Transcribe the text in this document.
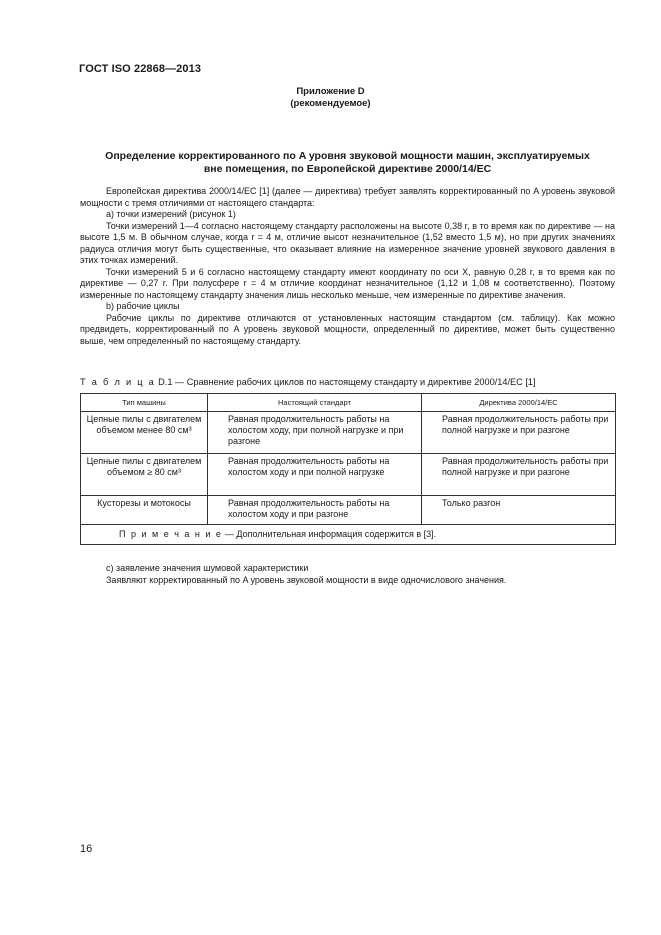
ГОСТ ISO 22868—2013
Приложение D
(рекомендуемое)
Определение корректированного по A уровня звуковой мощности машин, эксплуатируемых
вне помещения, по Европейской директиве 2000/14/EC

Европейская директива 2000/14/EC [1] (далее — директива) требует заявлять корректированный по A уровень звуковой мощности с тремя отличиями от настоящего стандарта:

а) точки измерений (рисунок 1)

Точки измерений 1—4 согласно настоящему стандарту расположены на высоте 0,38 r, в то время как по директиве — на высоте 1,5 м. В обычном случае, когда r = 4 м, отличие высот незначительное (1,52 вместо 1,5 м), но при других значениях радиуса отличия могут быть существенные, что оказывает влияние на измеренное значение уровней звукового давления в этих точках измерений.

Точки измерений 5 и 6 согласно настоящему стандарту имеют координату по оси X, равную 0,28 r, в то время как по директиве — 0,27 r. При полусфере r = 4 м отличие координат незначительное (1,12 и 1,08 м соответственно). Поэтому измеренные по настоящему стандарту значения лишь несколько меньше, чем измеренные по директиве значения.

b) рабочие циклы

Рабочие циклы по директиве отличаются от установленных настоящим стандартом (см. таблицу). Как можно предвидеть, корректированный по A уровень звуковой мощности, определенный по директиве, может быть существенно выше, чем определенный по настоящему стандарту.

Т а б л и ц а D.1 — Сравнение рабочих циклов по настоящему стандарту и директиве 2000/14/EC [1]
Тип машины	Настоящий стандарт	Директива 2000/14/EC
Цепные пилы с двигателем объемом менее 80 см³	Равная продолжительность работы на холостом ходу, при полной нагрузке и при разгоне	Равная продолжительность работы при полной нагрузке и при разгоне
Цепные пилы с двигателем объемом ≥ 80 см³	Равная продолжительность работы на холостом ходу и при полной нагрузке	Равная продолжительность работы при полной нагрузке и при разгоне
Кусторезы и мотокосы	Равная продолжительность работы на холостом ходу и при разгоне	Только разгон
П р и м е ч а н и е — Дополнительная информация содержится в [3].		

с) заявление значения шумовой характеристики

Заявляют корректированный по A уровень звуковой мощности в виде одночислового значения.

16
